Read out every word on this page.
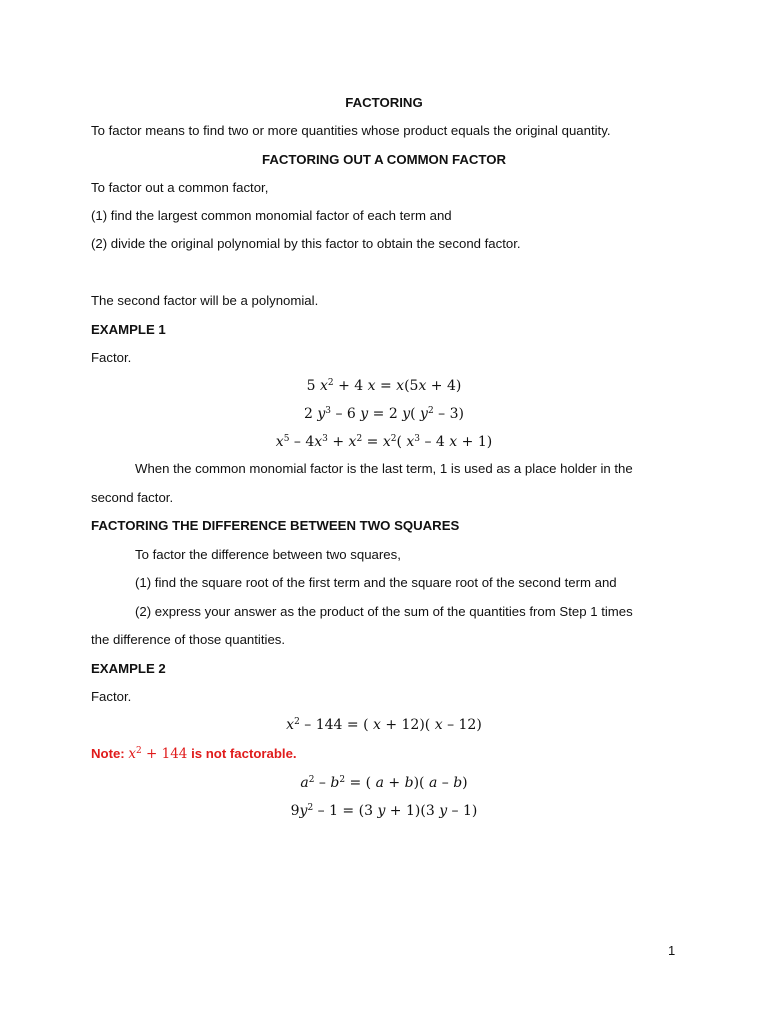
FACTORING
To factor means to find two or more quantities whose product equals the original quantity.
FACTORING OUT A COMMON FACTOR
To factor out a common factor,
(1) find the largest common monomial factor of each term and
(2) divide the original polynomial by this factor to obtain the second factor.
The second factor will be a polynomial.
EXAMPLE 1
Factor.
5 $x^2 + 4$ x = x(5x + 4)
2 $y^3 - 6$ y = 2 y( $y^2 - 3$)
$x^5 - 4x^3 + x^2 = x^2$( $x^3 - 4$ x + 1)
When the common monomial factor is the last term, 1 is used as a place holder in the
second factor.
FACTORING THE DIFFERENCE BETWEEN TWO SQUARES
To factor the difference between two squares,
(1) find the square root of the first term and the square root of the second term and
(2) express your answer as the product of the sum of the quantities from Step 1 times
the difference of those quantities.
EXAMPLE 2
Factor.
$x^2 - 144$ = ( x + 12)( x – 12)
Note: $x^2 + 144$ is not factorable.
$a^2 - b^2$ = ( a + b)( a – b)
$9y^2 - 1 = (3$ y + 1)(3 y – 1)
1
